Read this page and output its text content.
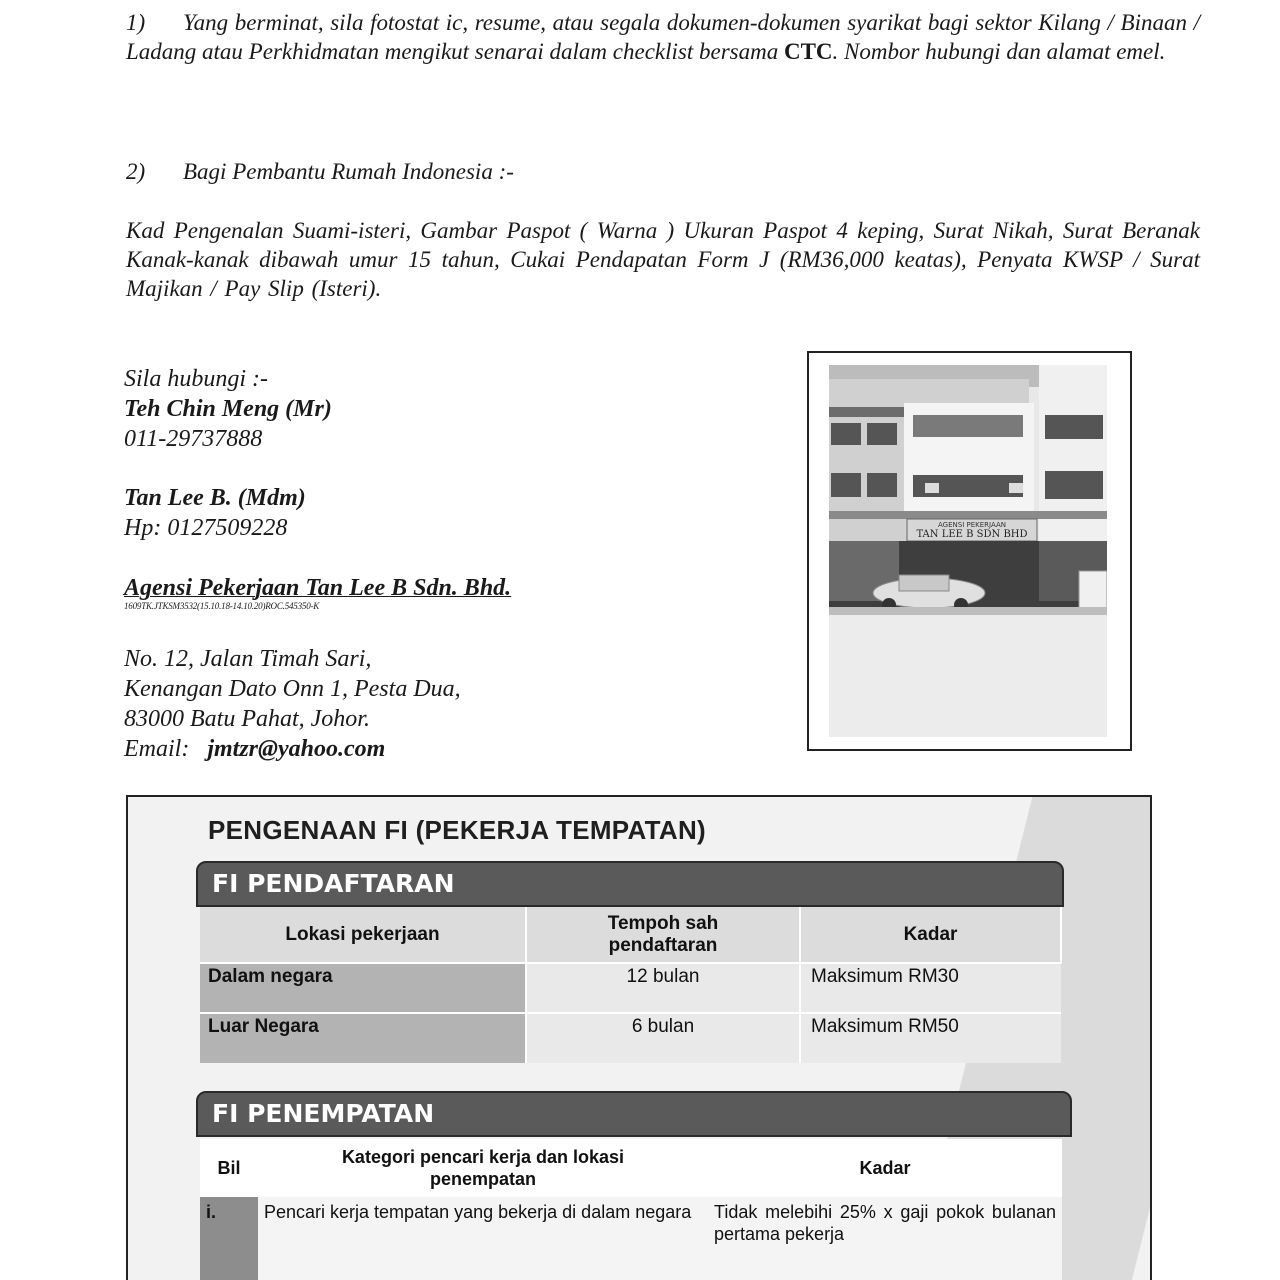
1) Yang berminat, sila fotostat ic, resume, atau segala dokumen-dokumen syarikat bagi sektor Kilang / Binaan / Ladang atau Perkhidmatan mengikut senarai dalam checklist bersama CTC. Nombor hubungi dan alamat emel.
2) Bagi Pembantu Rumah Indonesia :-
Kad Pengenalan Suami-isteri, Gambar Paspot ( Warna ) Ukuran Paspot 4 keping, Surat Nikah, Surat Beranak Kanak-kanak dibawah umur 15 tahun, Cukai Pendapatan Form J (RM36,000 keatas), Penyata KWSP / Surat Majikan / Pay Slip (Isteri).
Sila hubungi :-
Teh Chin Meng (Mr)
011-29737888
Tan Lee B. (Mdm)
Hp: 0127509228
Agensi Pekerjaan Tan Lee B Sdn. Bhd.
1609TK.JTKSM3532(15.10.18-14.10.20)ROC.545350-K
No. 12, Jalan Timah Sari,
Kenangan Dato Onn 1, Pesta Dua,
83000 Batu Pahat, Johor.
Email: jmtzr@yahoo.com
AGENSI PEKERJAAN
TAN LEE B SDN BHD
PENGENAAN FI (PEKERJA TEMPATAN)
FI PENDAFTARAN
Lokasi pekerjaan	Tempoh sah pendaftaran	Kadar
Dalam negara	12 bulan	Maksimum RM30
Luar Negara	6 bulan	Maksimum RM50
FI PENEMPATAN
Bil	Kategori pencari kerja dan lokasi penempatan	Kadar
i.	Pencari kerja tempatan yang bekerja di dalam negara	Tidak melebihi 25% x gaji pokok bulanan pertama pekerja
